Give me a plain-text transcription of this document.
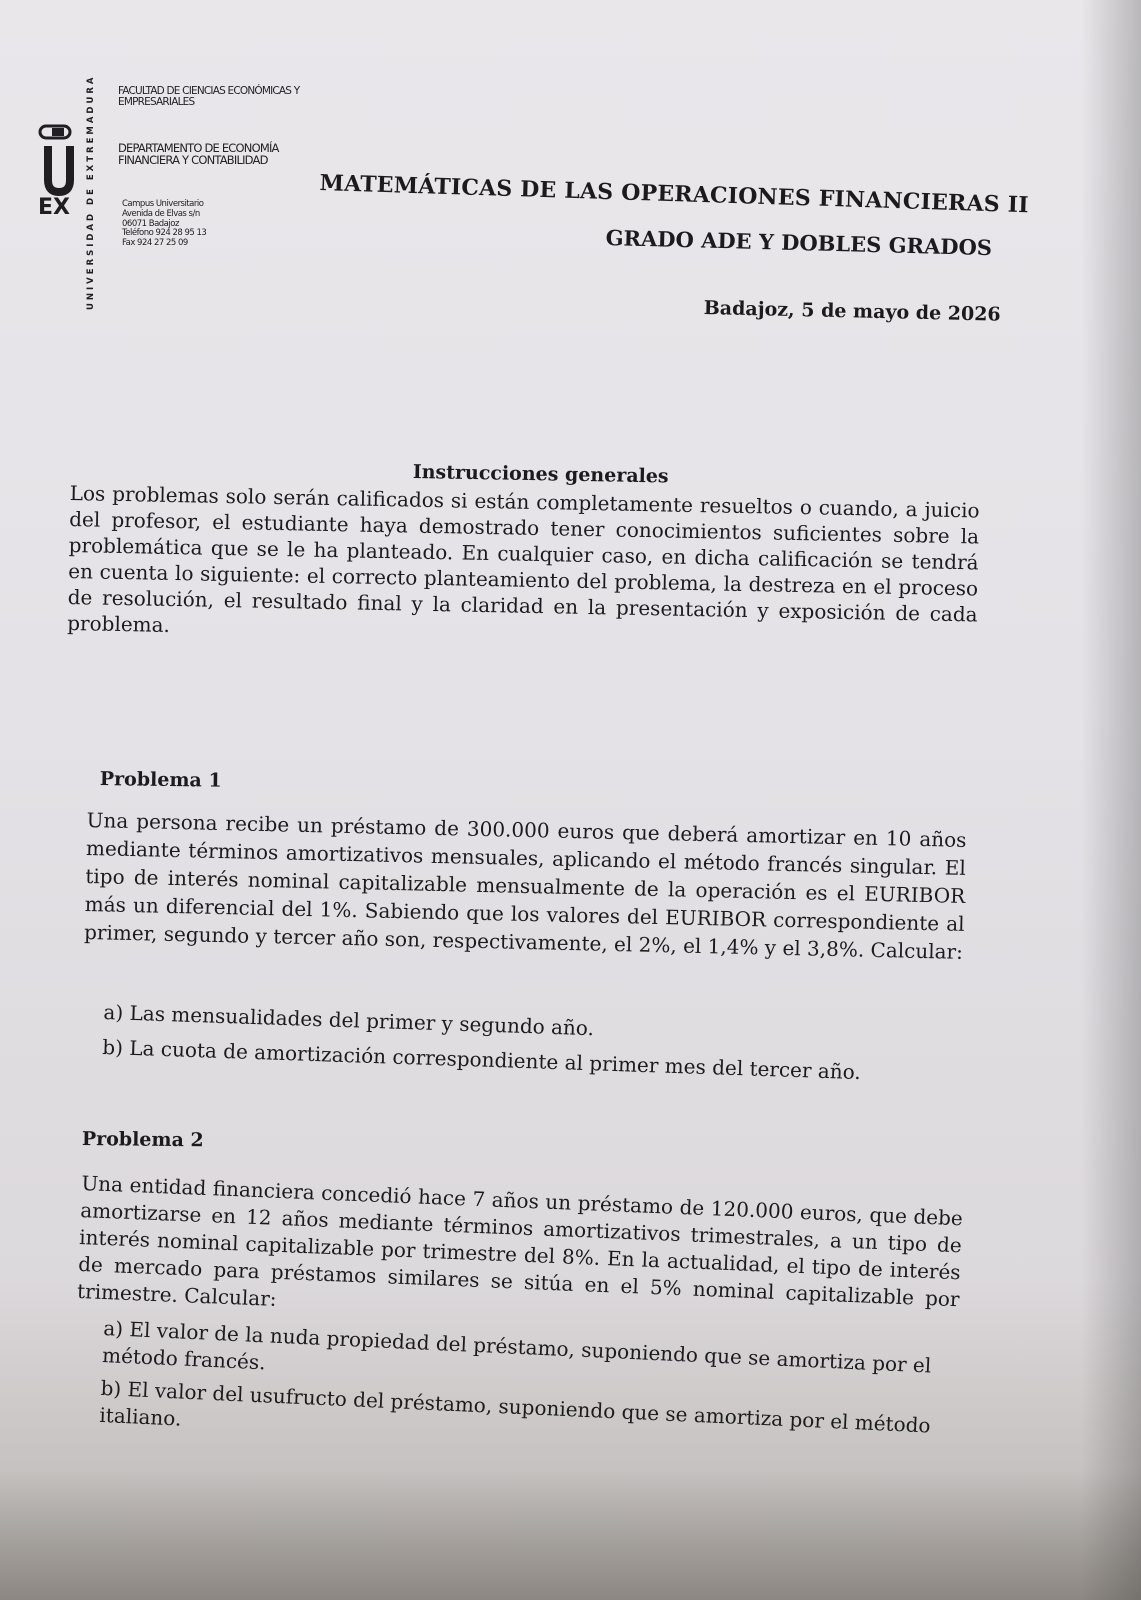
UNIVERSIDAD DE EXTREMADURA
EX
FACULTAD DE CIENCIAS ECONÓMICAS Y EMPRESARIALES
DEPARTAMENTO DE ECONOMÍA FINANCIERA Y CONTABILIDAD
Campus Universitario
Avenida de Elvas s/n
06071 Badajoz
Teléfono 924 28 95 13
Fax 924 27 25 09
MATEMÁTICAS DE LAS OPERACIONES FINANCIERAS II
GRADO ADE Y DOBLES GRADOS
Badajoz, 5 de mayo de 2026
Instrucciones generales
Los problemas solo serán calificados si están completamente resueltos o cuando, a juicio del profesor, el estudiante haya demostrado tener conocimientos suficientes sobre la problemática que se le ha planteado. En cualquier caso, en dicha calificación se tendrá en cuenta lo siguiente: el correcto planteamiento del problema, la destreza en el proceso de resolución, el resultado final y la claridad en la presentación y exposición de cada problema.
Problema 1
Una persona recibe un préstamo de 300.000 euros que deberá amortizar en 10 años mediante términos amortizativos mensuales, aplicando el método francés singular. El tipo de interés nominal capitalizable mensualmente de la operación es el EURIBOR más un diferencial del 1%. Sabiendo que los valores del EURIBOR correspondiente al primer, segundo y tercer año son, respectivamente, el 2%, el 1,4% y el 3,8%. Calcular:
a) Las mensualidades del primer y segundo año.
b) La cuota de amortización correspondiente al primer mes del tercer año.
Problema 2
Una entidad financiera concedió hace 7 años un préstamo de 120.000 euros, que debe amortizarse en 12 años mediante términos amortizativos trimestrales, a un tipo de interés nominal capitalizable por trimestre del 8%. En la actualidad, el tipo de interés de mercado para préstamos similares se sitúa en el 5% nominal capitalizable por trimestre. Calcular:
a) El valor de la nuda propiedad del préstamo, suponiendo que se amortiza por el método francés.
b) El valor del usufructo del préstamo, suponiendo que se amortiza por el método italiano.
